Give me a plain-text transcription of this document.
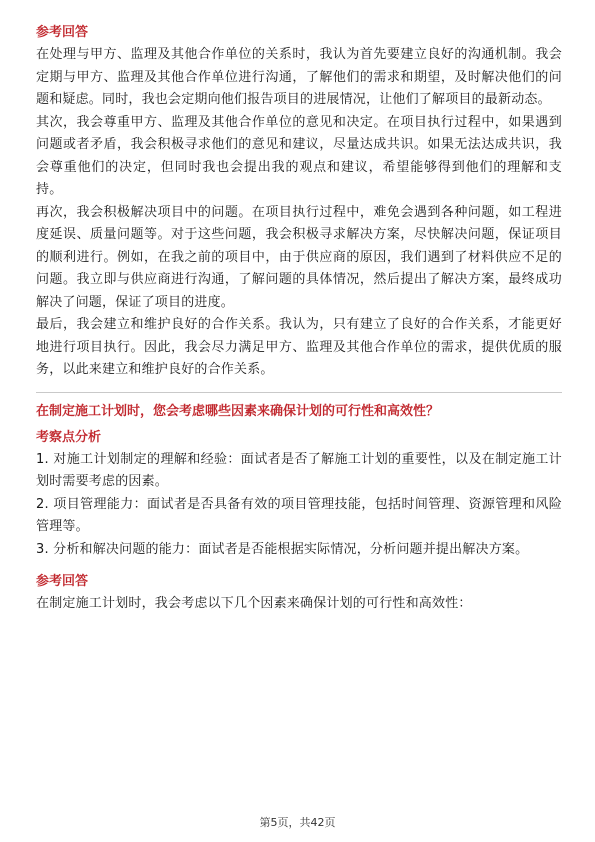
参考回答

在处理与甲方、监理及其他合作单位的关系时，我认为首先要建立良好的沟通机制。我会定期与甲方、监理及其他合作单位进行沟通，了解他们的需求和期望，及时解决他们的问题和疑虑。同时，我也会定期向他们报告项目的进展情况，让他们了解项目的最新动态。

其次，我会尊重甲方、监理及其他合作单位的意见和决定。在项目执行过程中，如果遇到问题或者矛盾，我会积极寻求他们的意见和建议，尽量达成共识。如果无法达成共识，我会尊重他们的决定，但同时我也会提出我的观点和建议，希望能够得到他们的理解和支持。

再次，我会积极解决项目中的问题。在项目执行过程中，难免会遇到各种问题，如工程进度延误、质量问题等。对于这些问题，我会积极寻求解决方案，尽快解决问题，保证项目的顺利进行。例如，在我之前的项目中，由于供应商的原因，我们遇到了材料供应不足的问题。我立即与供应商进行沟通，了解问题的具体情况，然后提出了解决方案，最终成功解决了问题，保证了项目的进度。

最后，我会建立和维护良好的合作关系。我认为，只有建立了良好的合作关系，才能更好地进行项目执行。因此，我会尽力满足甲方、监理及其他合作单位的需求，提供优质的服务，以此来建立和维护良好的合作关系。

在制定施工计划时，您会考虑哪些因素来确保计划的可行性和高效性？
考察点分析

1. 对施工计划制定的理解和经验：面试者是否了解施工计划的重要性，以及在制定施工计划时需要考虑的因素。

2. 项目管理能力：面试者是否具备有效的项目管理技能，包括时间管理、资源管理和风险管理等。

3. 分析和解决问题的能力：面试者是否能根据实际情况，分析问题并提出解决方案。

参考回答

在制定施工计划时，我会考虑以下几个因素来确保计划的可行性和高效性：

第5页，共42页
